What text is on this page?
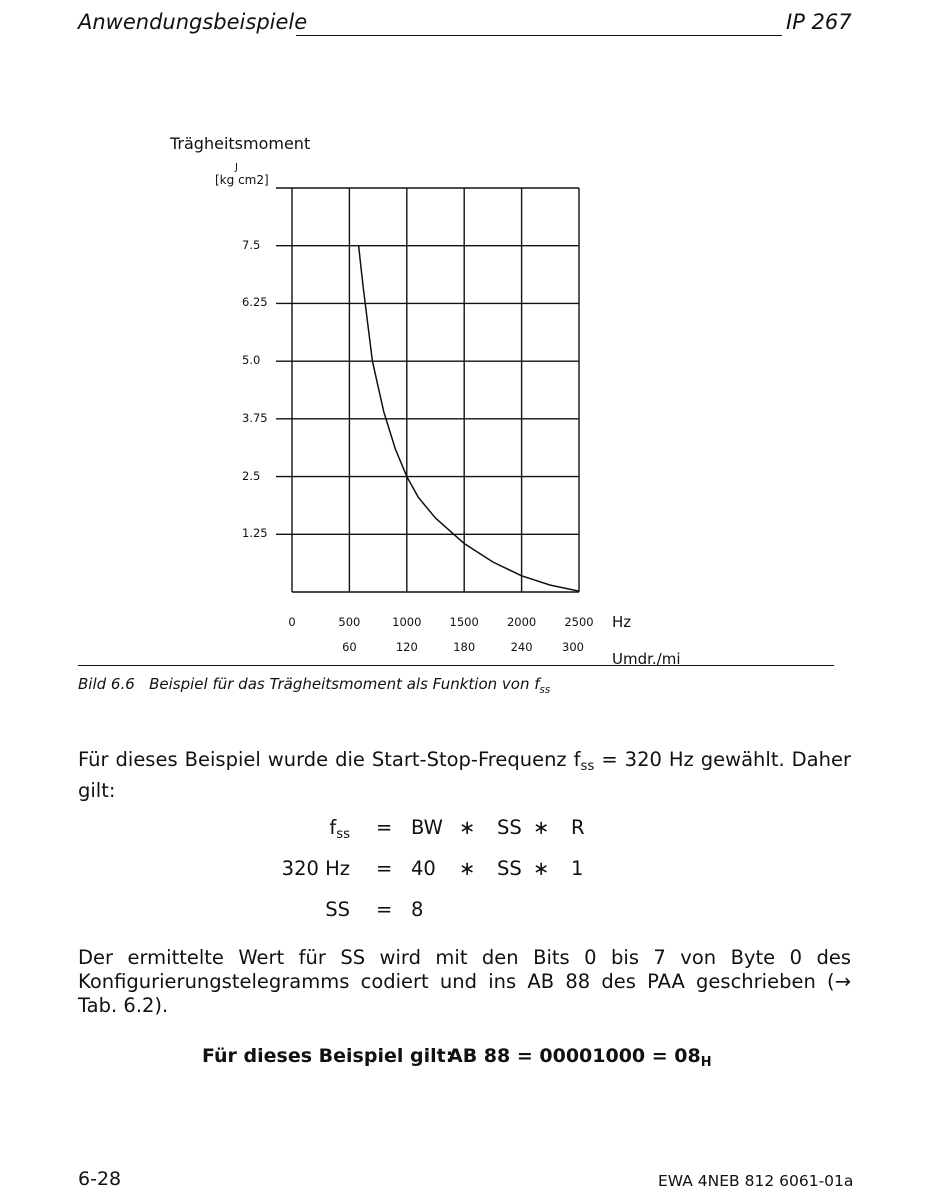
Anwendungsbeispiele	IP 267
Trägheitsmoment
J
[kg cm2]
7.5
6.25
5.0
3.75
2.5
1.25
0	500	1000	1500	2000	2500
60	120	180	240	300
Hz
Umdr./mi
Bild 6.6 Beispiel für das Trägheitsmoment als Funktion von $f_{ss}$
Für dieses Beispiel wurde die Start-Stop-Frequenz $f_{ss} = 320$ Hz gewählt. Daher gilt:
$f_{ss}$ = BW ∗ SS ∗ R
320 Hz = 40 ∗ SS ∗ 1
SS = 8
Der ermittelte Wert für SS wird mit den Bits 0 bis 7 von Byte 0 des Konfigurierungstelegramms codiert und ins AB 88 des PAA geschrieben (→ Tab. 6.2).
Für dieses Beispiel gilt:
AB $88 = 00001000 = 08_H$
6-28	EWA 4NEB 812 6061-01a
